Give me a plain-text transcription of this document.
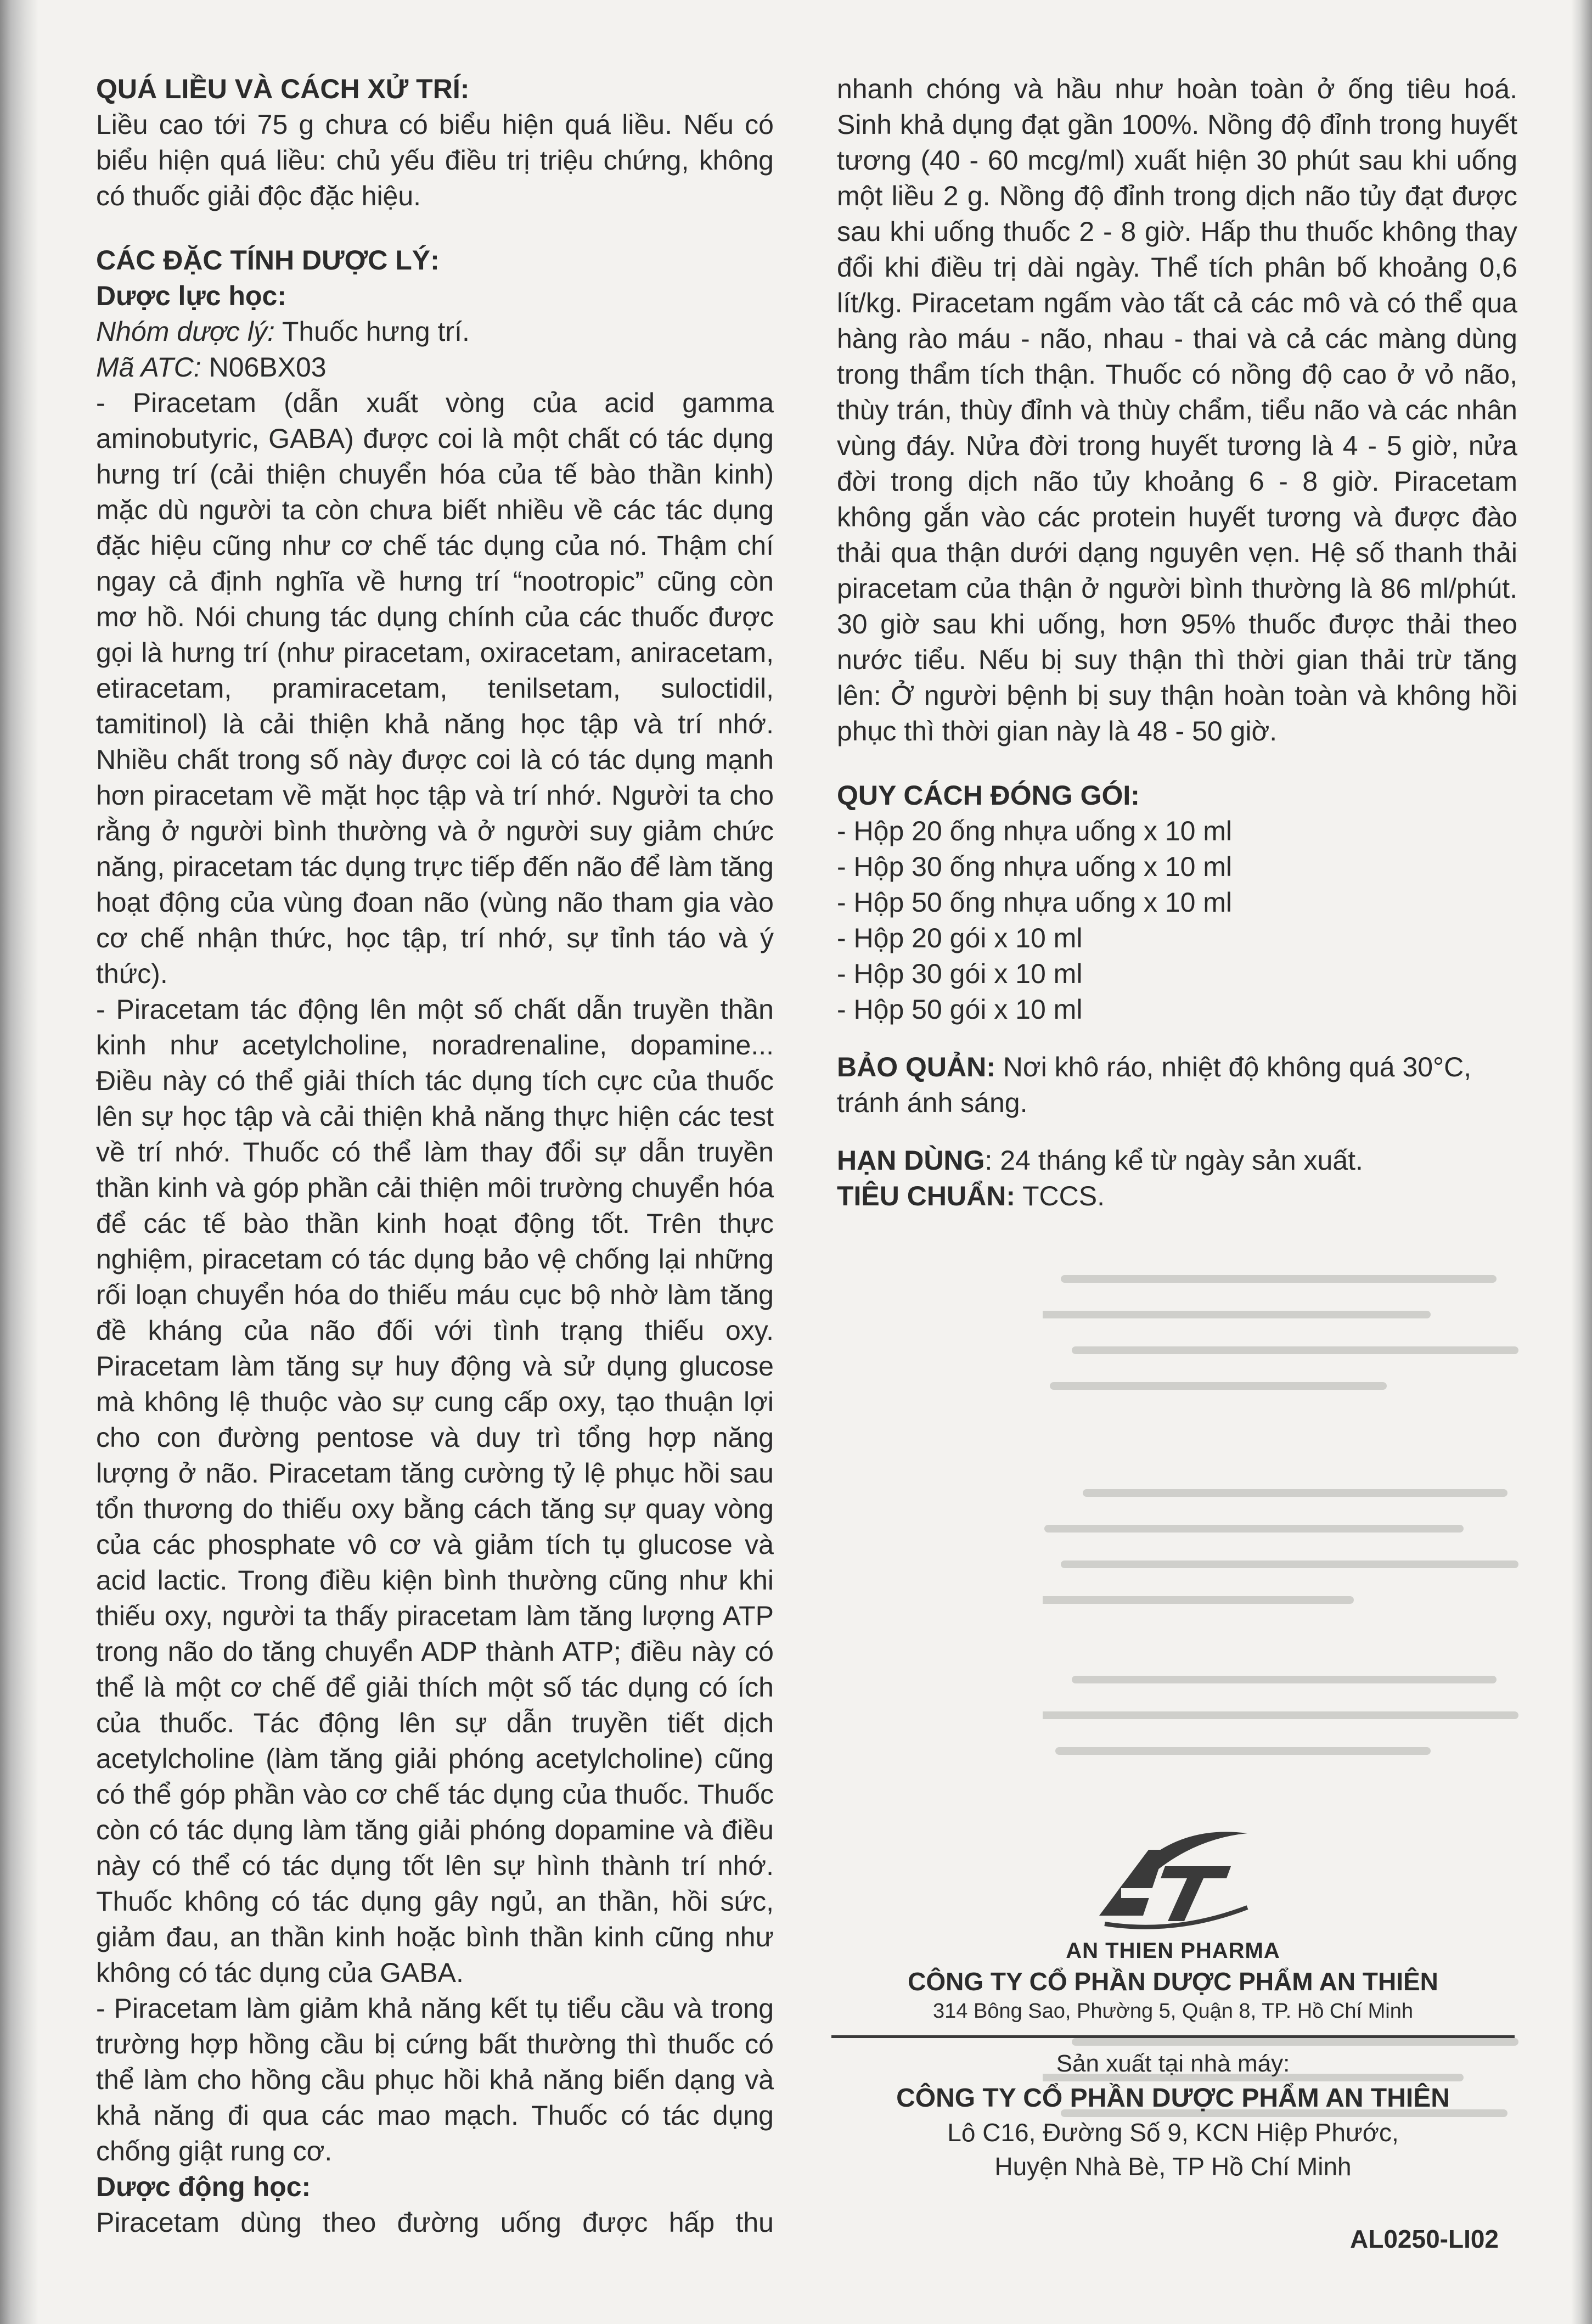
QUÁ LIỀU VÀ CÁCH XỬ TRÍ:

Liều cao tới 75 g chưa có biểu hiện quá liều. Nếu có biểu hiện quá liều: chủ yếu điều trị triệu chứng, không có thuốc giải độc đặc hiệu.

CÁC ĐẶC TÍNH DƯỢC LÝ:

Dược lực học:

Nhóm dược lý: Thuốc hưng trí.

Mã ATC: N06BX03

- Piracetam (dẫn xuất vòng của acid gamma aminobutyric, GABA) được coi là một chất có tác dụng hưng trí (cải thiện chuyển hóa của tế bào thần kinh) mặc dù người ta còn chưa biết nhiều về các tác dụng đặc hiệu cũng như cơ chế tác dụng của nó. Thậm chí ngay cả định nghĩa về hưng trí “nootropic” cũng còn mơ hồ. Nói chung tác dụng chính của các thuốc được gọi là hưng trí (như piracetam, oxiracetam, aniracetam, etiracetam, pramiracetam, tenilsetam, suloctidil, tamitinol) là cải thiện khả năng học tập và trí nhớ. Nhiều chất trong số này được coi là có tác dụng mạnh hơn piracetam về mặt học tập và trí nhớ. Người ta cho rằng ở người bình thường và ở người suy giảm chức năng, piracetam tác dụng trực tiếp đến não để làm tăng hoạt động của vùng đoan não (vùng não tham gia vào cơ chế nhận thức, học tập, trí nhớ, sự tỉnh táo và ý thức).

- Piracetam tác động lên một số chất dẫn truyền thần kinh như acetylcholine, noradrenaline, dopamine... Điều này có thể giải thích tác dụng tích cực của thuốc lên sự học tập và cải thiện khả năng thực hiện các test về trí nhớ. Thuốc có thể làm thay đổi sự dẫn truyền thần kinh và góp phần cải thiện môi trường chuyển hóa để các tế bào thần kinh hoạt động tốt. Trên thực nghiệm, piracetam có tác dụng bảo vệ chống lại những rối loạn chuyển hóa do thiếu máu cục bộ nhờ làm tăng đề kháng của não đối với tình trạng thiếu oxy. Piracetam làm tăng sự huy động và sử dụng glucose mà không lệ thuộc vào sự cung cấp oxy, tạo thuận lợi cho con đường pentose và duy trì tổng hợp năng lượng ở não. Piracetam tăng cường tỷ lệ phục hồi sau tổn thương do thiếu oxy bằng cách tăng sự quay vòng của các phosphate vô cơ và giảm tích tụ glucose và acid lactic. Trong điều kiện bình thường cũng như khi thiếu oxy, người ta thấy piracetam làm tăng lượng ATP trong não do tăng chuyển ADP thành ATP; điều này có thể là một cơ chế để giải thích một số tác dụng có ích của thuốc. Tác động lên sự dẫn truyền tiết dịch acetylcholine (làm tăng giải phóng acetylcholine) cũng có thể góp phần vào cơ chế tác dụng của thuốc. Thuốc còn có tác dụng làm tăng giải phóng dopamine và điều này có thể có tác dụng tốt lên sự hình thành trí nhớ. Thuốc không có tác dụng gây ngủ, an thần, hồi sức, giảm đau, an thần kinh hoặc bình thần kinh cũng như không có tác dụng của GABA.

- Piracetam làm giảm khả năng kết tụ tiểu cầu và trong trường hợp hồng cầu bị cứng bất thường thì thuốc có thể làm cho hồng cầu phục hồi khả năng biến dạng và khả năng đi qua các mao mạch. Thuốc có tác dụng chống giật rung cơ.

Dược động học:

Piracetam dùng theo đường uống được hấp thu

nhanh chóng và hầu như hoàn toàn ở ống tiêu hoá. Sinh khả dụng đạt gần 100%. Nồng độ đỉnh trong huyết tương (40 - 60 mcg/ml) xuất hiện 30 phút sau khi uống một liều 2 g. Nồng độ đỉnh trong dịch não tủy đạt được sau khi uống thuốc 2 - 8 giờ. Hấp thu thuốc không thay đổi khi điều trị dài ngày. Thể tích phân bố khoảng 0,6 lít/kg. Piracetam ngấm vào tất cả các mô và có thể qua hàng rào máu - não, nhau - thai và cả các màng dùng trong thẩm tích thận. Thuốc có nồng độ cao ở vỏ não, thùy trán, thùy đỉnh và thùy chẩm, tiểu não và các nhân vùng đáy. Nửa đời trong huyết tương là 4 - 5 giờ, nửa đời trong dịch não tủy khoảng 6 - 8 giờ. Piracetam không gắn vào các protein huyết tương và được đào thải qua thận dưới dạng nguyên vẹn. Hệ số thanh thải piracetam của thận ở người bình thường là 86 ml/phút. 30 giờ sau khi uống, hơn 95% thuốc được thải theo nước tiểu. Nếu bị suy thận thì thời gian thải trừ tăng lên: Ở người bệnh bị suy thận hoàn toàn và không hồi phục thì thời gian này là 48 - 50 giờ.

QUY CÁCH ĐÓNG GÓI:

- Hộp 20 ống nhựa uống x 10 ml

- Hộp 30 ống nhựa uống x 10 ml

- Hộp 50 ống nhựa uống x 10 ml

- Hộp 20 gói x 10 ml

- Hộp 30 gói x 10 ml

- Hộp 50 gói x 10 ml

BẢO QUẢN: Nơi khô ráo, nhiệt độ không quá 30°C, tránh ánh sáng.

HẠN DÙNG: 24 tháng kể từ ngày sản xuất.

TIÊU CHUẨN: TCCS.

AN THIEN PHARMA
CÔNG TY CỔ PHẦN DƯỢC PHẨM AN THIÊN
314 Bông Sao, Phường 5, Quận 8, TP. Hồ Chí Minh
Sản xuất tại nhà máy:
CÔNG TY CỔ PHẦN DƯỢC PHẨM AN THIÊN
Lô C16, Đường Số 9, KCN Hiệp Phước,
Huyện Nhà Bè, TP Hồ Chí Minh
AL0250-LI02
